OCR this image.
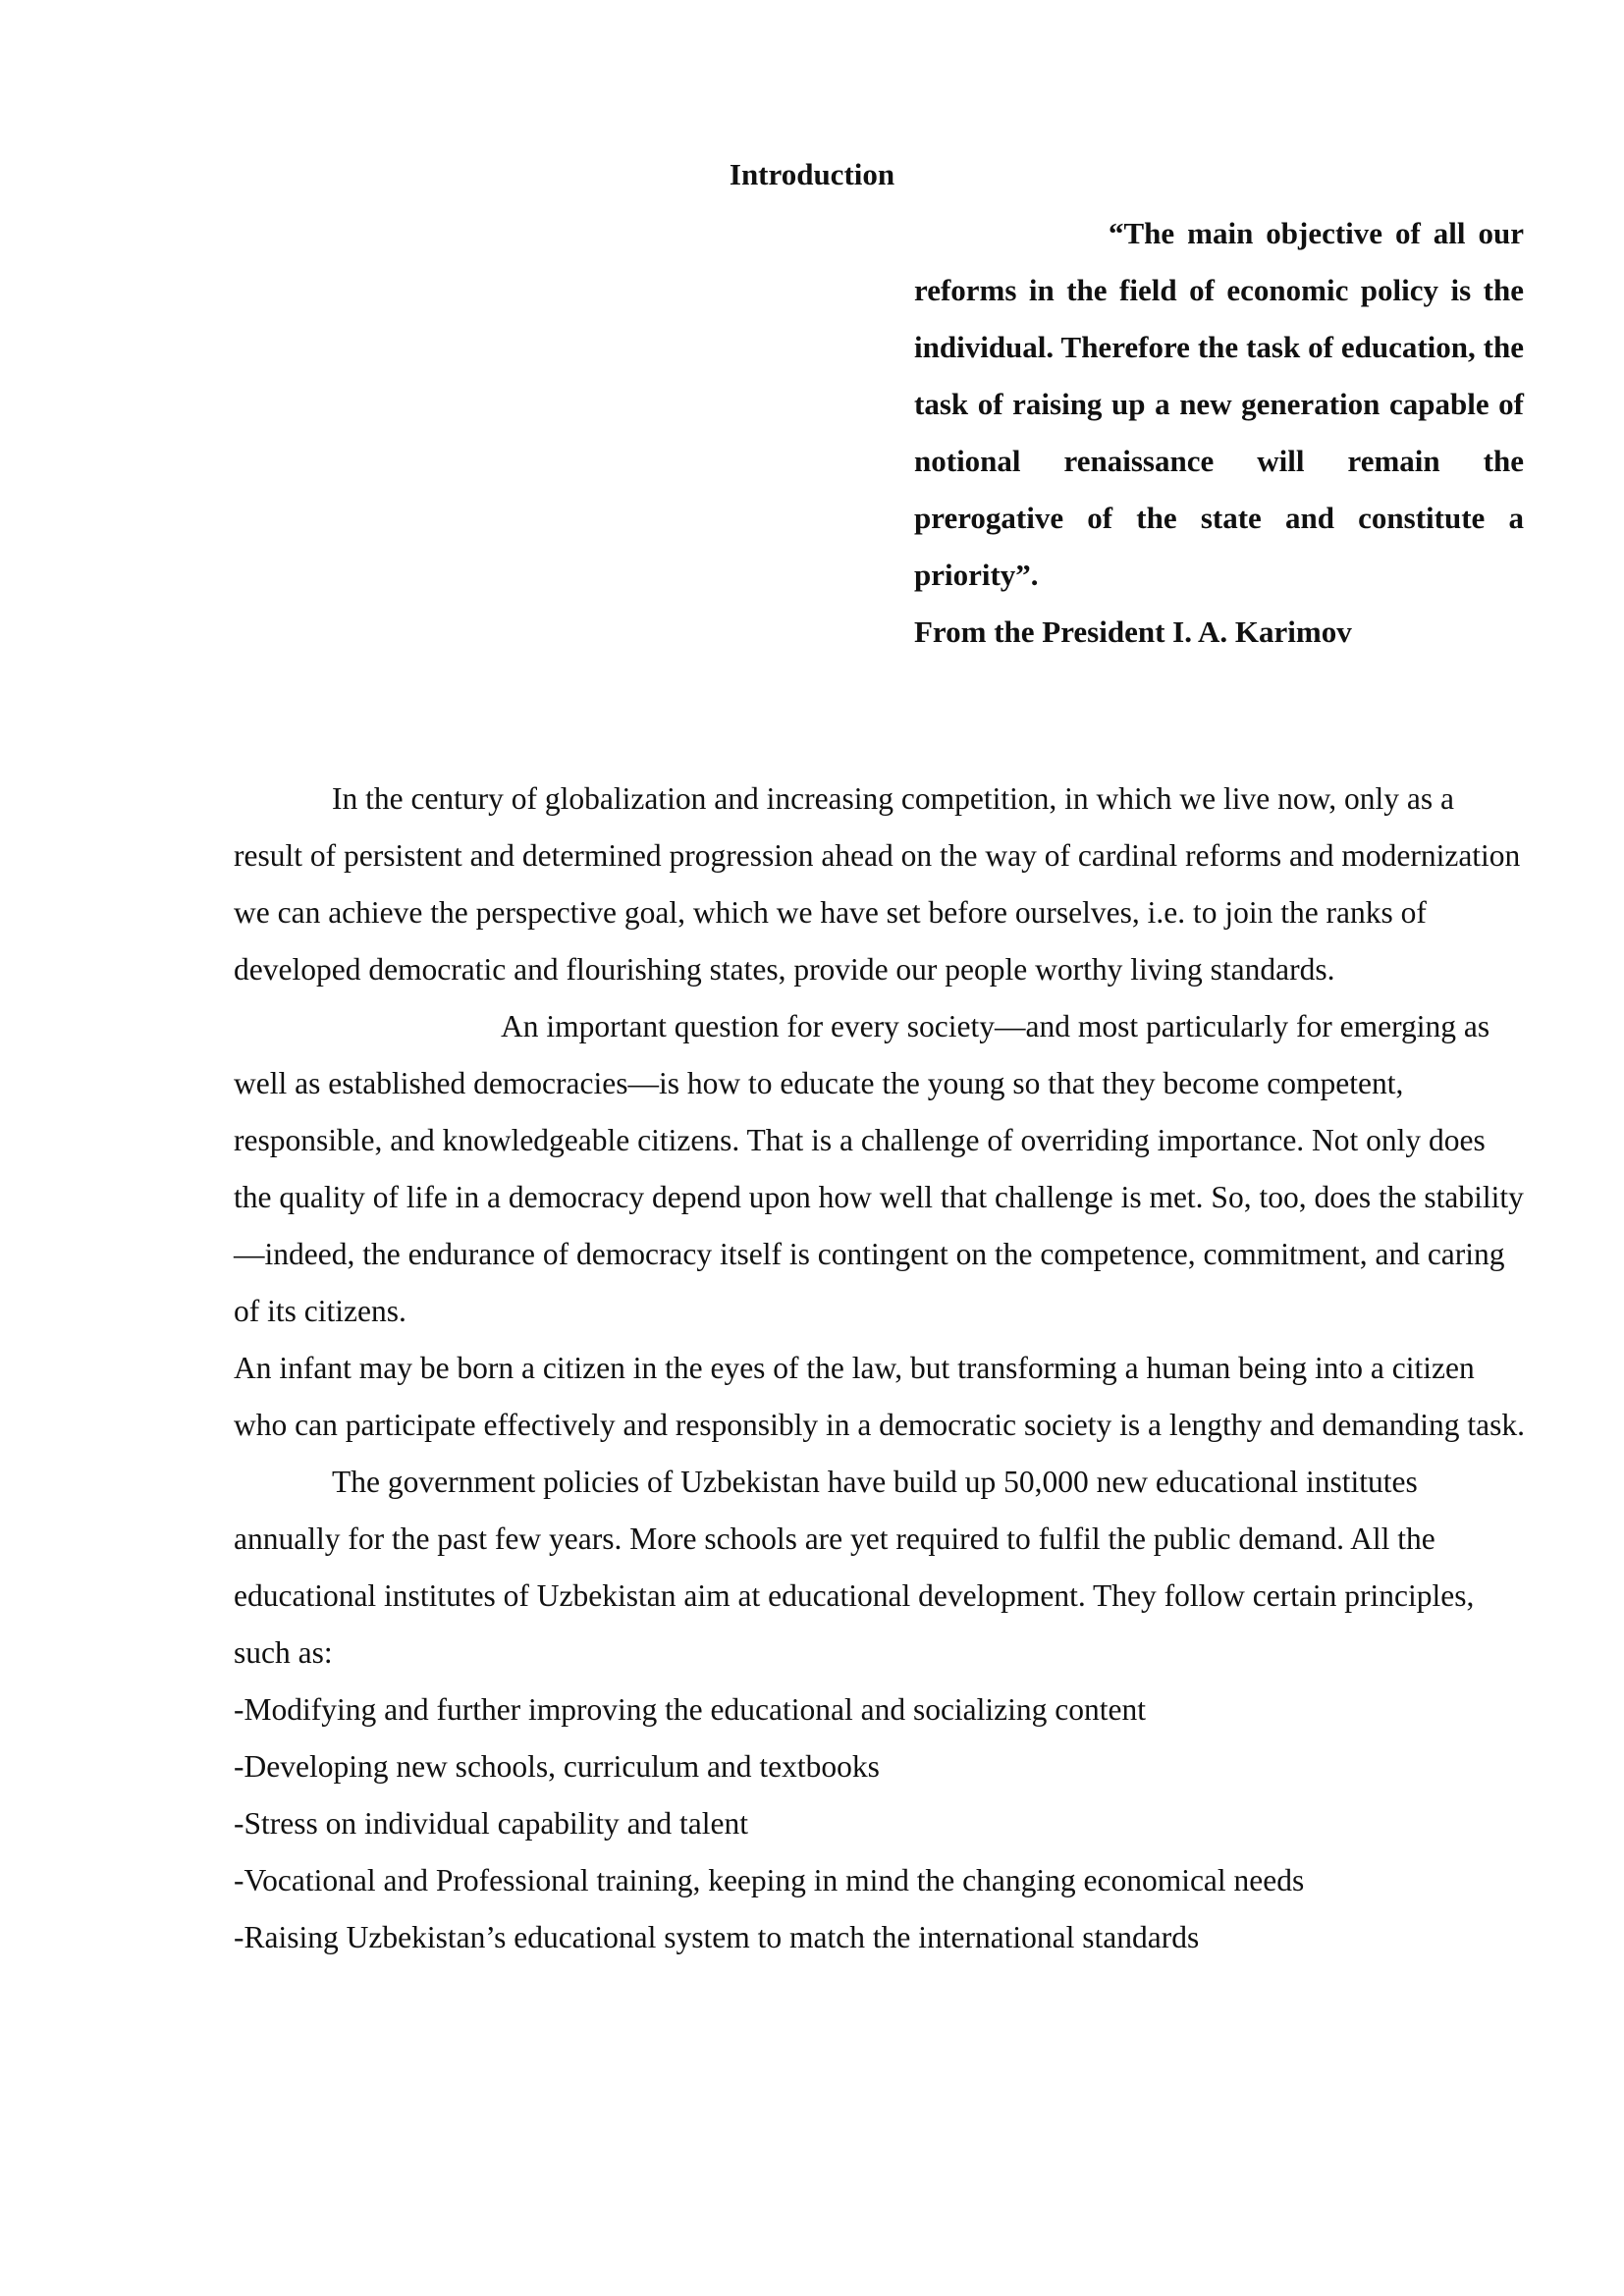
Introduction

“The main objective of all our reforms in the field of economic policy is the individual. Therefore the task of education, the task of raising up a new generation capable of notional renaissance will remain the prerogative of the state and constitute a priority”.

From the President I. A. Karimov

In the century of globalization and increasing competition, in which we live now, only as a result of persistent and determined progression ahead on the way of cardinal reforms and modernization we can achieve the perspective goal, which we have set before ourselves, i.e. to join the ranks of developed democratic and flourishing states, provide our people worthy living standards.

An important question for every society—and most particularly for emerging as well as established democracies—is how to educate the young so that they become competent, responsible, and knowledgeable citizens. That is a challenge of overriding importance. Not only does the quality of life in a democracy depend upon how well that challenge is met. So, too, does the stability—indeed, the endurance of democracy itself is contingent on the competence, commitment, and caring of its citizens.

An infant may be born a citizen in the eyes of the law, but transforming a human being into a citizen who can participate effectively and responsibly in a democratic society is a lengthy and demanding task.

The government policies of Uzbekistan have build up 50,000 new educational institutes annually for the past few years. More schools are yet required to fulfil the public demand. All the educational institutes of Uzbekistan aim at educational development. They follow certain principles, such as:

-Modifying and further improving the educational and socializing content

-Developing new schools, curriculum and textbooks

-Stress on individual capability and talent

-Vocational and Professional training, keeping in mind the changing economical needs

-Raising Uzbekistan’s educational system to match the international standards
